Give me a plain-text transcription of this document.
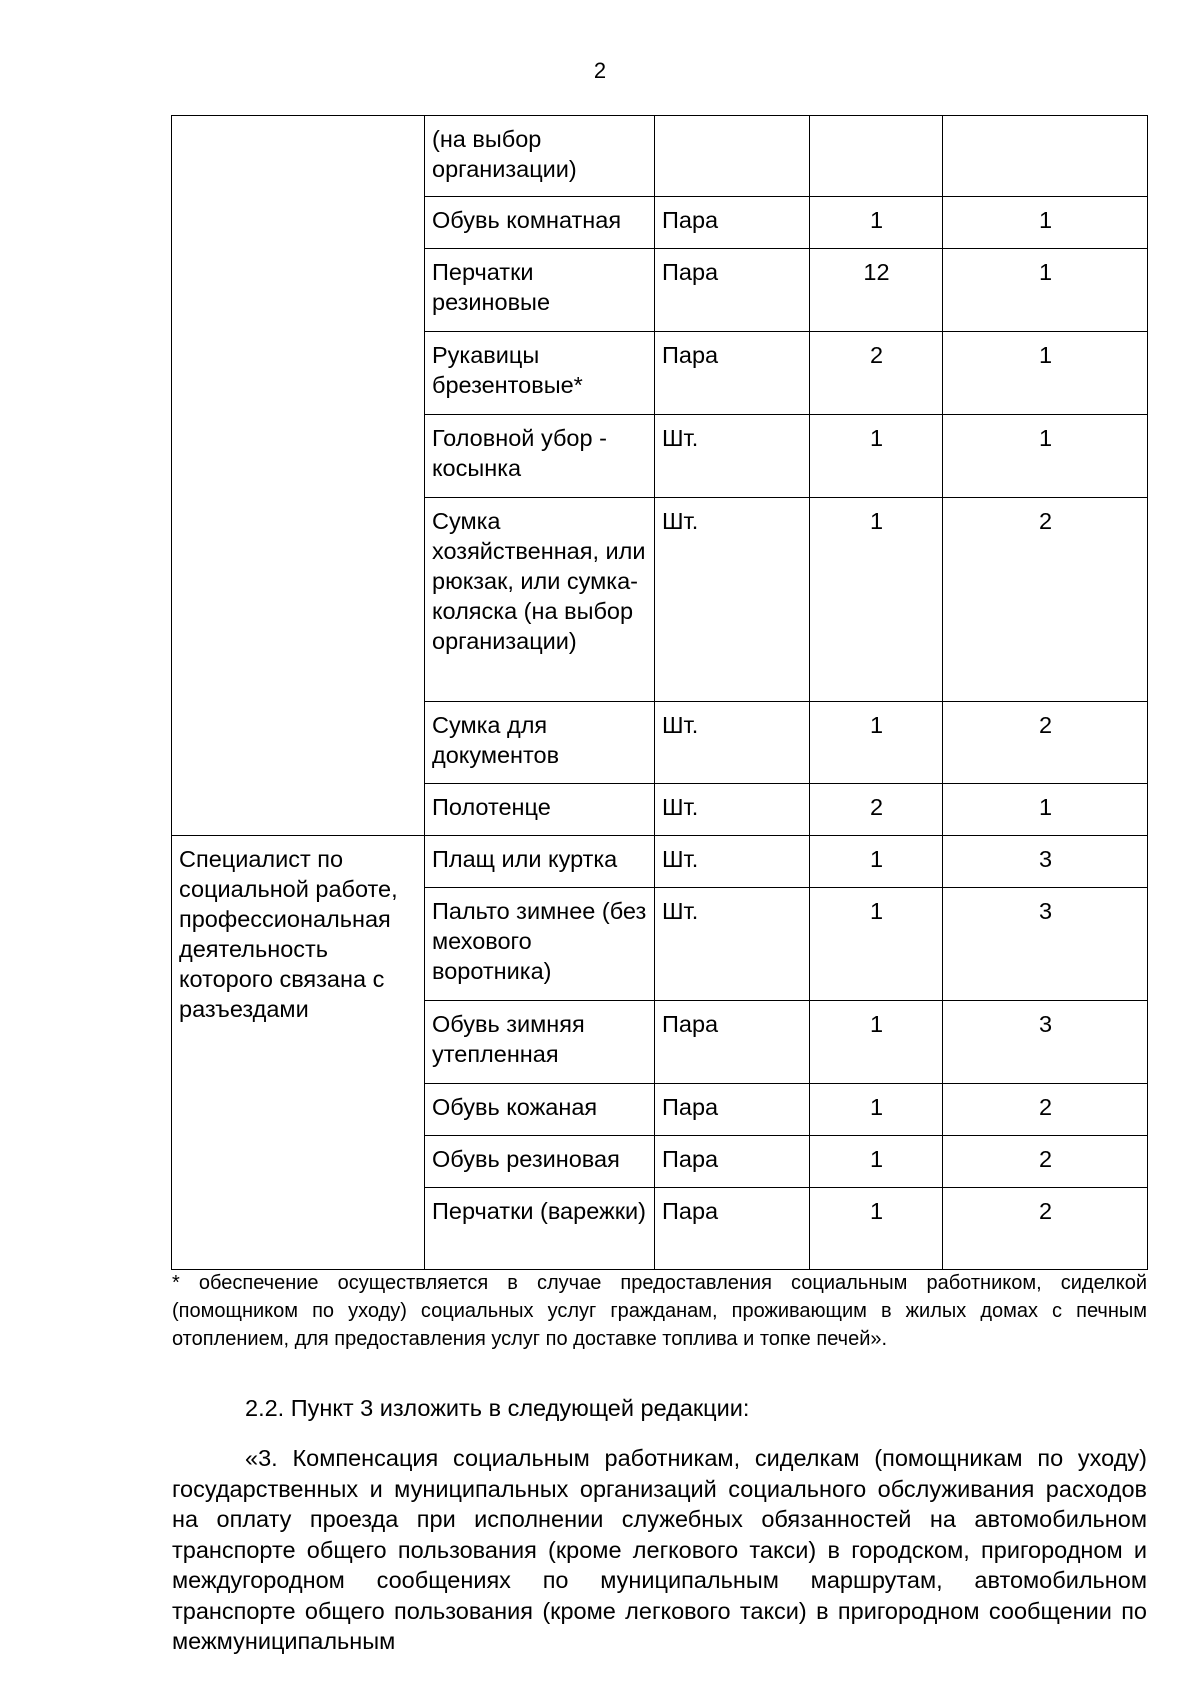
2
	(на выбор организации)			
	Обувь комнатная	Пара	1	1
	Перчатки резиновые	Пара	12	1
	Рукавицы брезентовые*	Пара	2	1
	Головной убор - косынка	Шт.	1	1
	Сумка хозяйственная, или рюкзак, или сумка-коляска (на выбор организации)	Шт.	1	2
	Сумка для документов	Шт.	1	2
	Полотенце	Шт.	2	1
Специалист по социальной работе, профессиональная деятельность которого связана с разъездами	Плащ или куртка	Шт.	1	3
	Пальто зимнее (без мехового воротника)	Шт.	1	3
	Обувь зимняя утепленная	Пара	1	3
	Обувь кожаная	Пара	1	2
	Обувь резиновая	Пара	1	2
	Перчатки (варежки)	Пара	1	2

* обеспечение осуществляется в случае предоставления социальным работником, сиделкой (помощником по уходу) социальных услуг гражданам, проживающим в жилых домах с печным отоплением, для предоставления услуг по доставке топлива и топке печей».

2.2. Пункт 3 изложить в следующей редакции:

«3. Компенсация социальным работникам, сиделкам (помощникам по уходу) государственных и муниципальных организаций социального обслуживания расходов на оплату проезда при исполнении служебных обязанностей на автомобильном транспорте общего пользования (кроме легкового такси) в городском, пригородном и междугородном сообщениях по муниципальным маршрутам, автомобильном транспорте общего пользования (кроме легкового такси) в пригородном сообщении по межмуниципальным
